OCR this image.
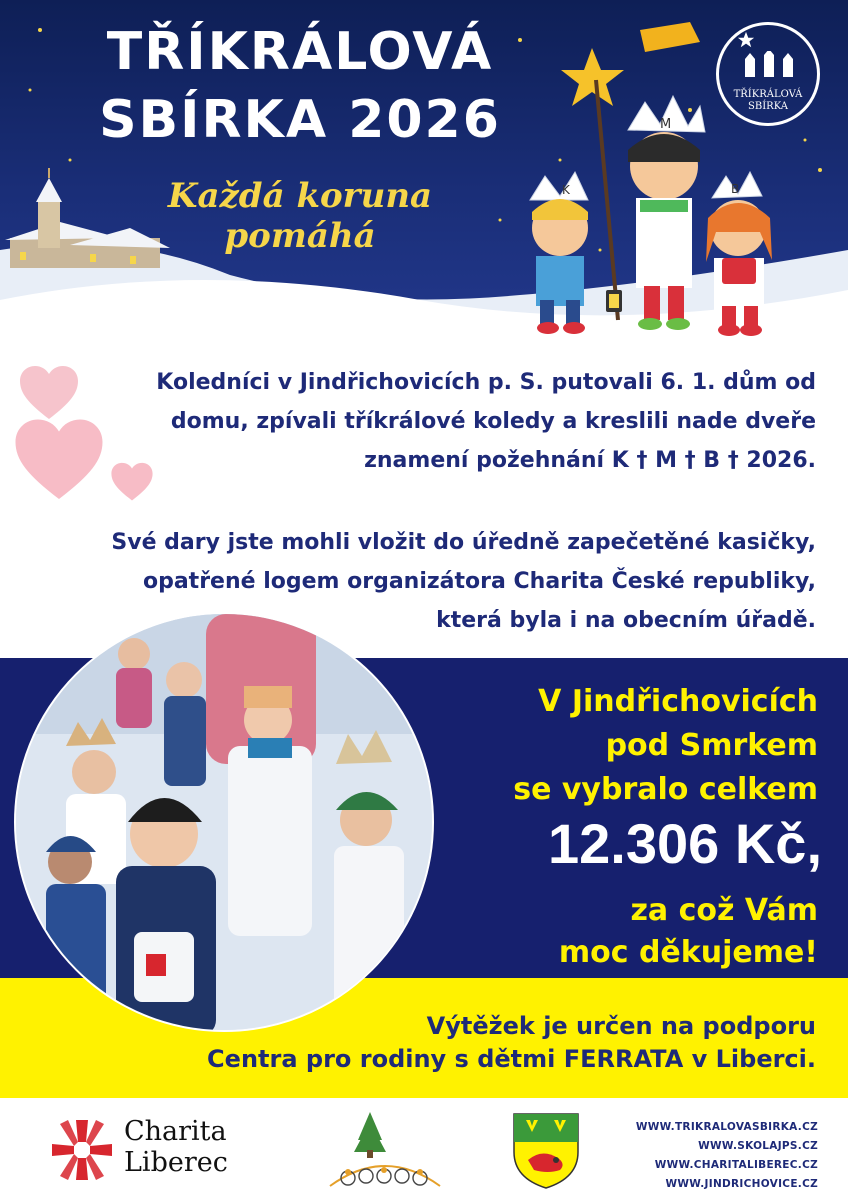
K
M
B
TŘÍKRÁLOVÁ
SBÍRKA 2026
Každá koruna
pomáhá
TŘÍKRÁLOVÁ
SBÍRKA
Koledníci v Jindřichovicích p. S. putovali 6. 1. dům od
domu, zpívali tříkrálové koledy a kreslili nade dveře
znamení požehnání K † M † B † 2026.
Své dary jste mohli vložit do úředně zapečetěné kasičky,
opatřené logem organizátora Charita České republiky,
která byla i na obecním úřadě.
V Jindřichovicích
pod Smrkem
se vybralo celkem
12.306 Kč,
za což Vám
moc děkujeme!
Výtěžek je určen na podporu
Centra pro rodiny s dětmi FERRATA v Liberci.
Charita
Liberec
WWW.TRIKRALOVASBIRKA.CZ
WWW.SKOLAJPS.CZ
WWW.CHARITALIBEREC.CZ
WWW.JINDRICHOVICE.CZ
